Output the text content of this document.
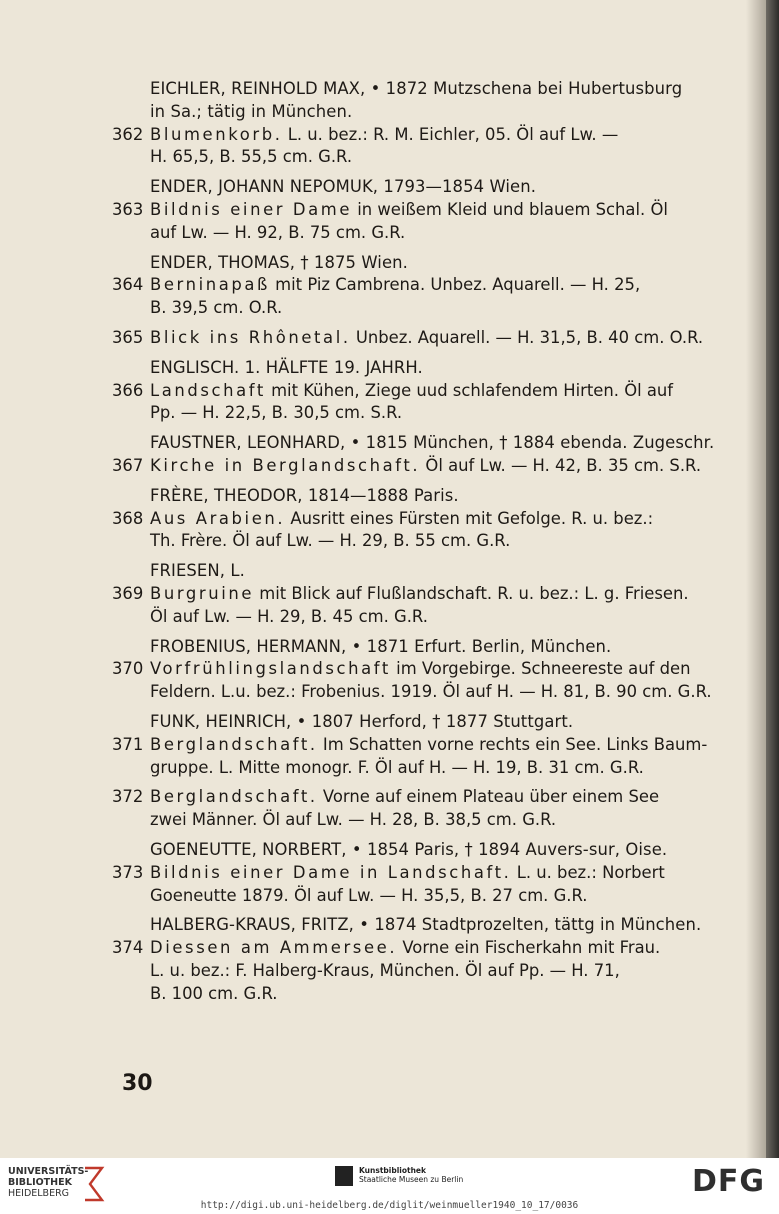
EICHLER, REINHOLD MAX, • 1872 Mutzschena bei Hubertusburg
in Sa.; tätig in München.
362 Blumenkorb. L. u. bez.: R. M. Eichler, 05. Öl auf Lw. —
H. 65,5, B. 55,5 cm. G.R.
ENDER, JOHANN NEPOMUK, 1793—1854 Wien.
363 Bildnis einer Dame in weißem Kleid und blauem Schal. Öl
auf Lw. — H. 92, B. 75 cm. G.R.
ENDER, THOMAS, † 1875 Wien.
364 Berninapaß mit Piz Cambrena. Unbez. Aquarell. — H. 25,
B. 39,5 cm. O.R.
365 Blick ins Rhônetal. Unbez. Aquarell. — H. 31,5, B. 40 cm. O.R.
ENGLISCH. 1. HÄLFTE 19. JAHRH.
366 Landschaft mit Kühen, Ziege uud schlafendem Hirten. Öl auf
Pp. — H. 22,5, B. 30,5 cm. S.R.
FAUSTNER, LEONHARD, • 1815 München, † 1884 ebenda. Zugeschr.
367 Kirche in Berglandschaft. Öl auf Lw. — H. 42, B. 35 cm. S.R.
FRÈRE, THEODOR, 1814—1888 Paris.
368 Aus Arabien. Ausritt eines Fürsten mit Gefolge. R. u. bez.:
Th. Frère. Öl auf Lw. — H. 29, B. 55 cm. G.R.
FRIESEN, L.
369 Burgruine mit Blick auf Flußlandschaft. R. u. bez.: L. g. Friesen.
Öl auf Lw. — H. 29, B. 45 cm. G.R.
FROBENIUS, HERMANN, • 1871 Erfurt. Berlin, München.
370 Vorfrühlingslandschaft im Vorgebirge. Schneereste auf den
Feldern. L.u. bez.: Frobenius. 1919. Öl auf H. — H. 81, B. 90 cm. G.R.
FUNK, HEINRICH, • 1807 Herford, † 1877 Stuttgart.
371 Berglandschaft. Im Schatten vorne rechts ein See. Links Baum-
gruppe. L. Mitte monogr. F. Öl auf H. — H. 19, B. 31 cm. G.R.
372 Berglandschaft. Vorne auf einem Plateau über einem See
zwei Männer. Öl auf Lw. — H. 28, B. 38,5 cm. G.R.
GOENEUTTE, NORBERT, • 1854 Paris, † 1894 Auvers-sur, Oise.
373 Bildnis einer Dame in Landschaft. L. u. bez.: Norbert
Goeneutte 1879. Öl auf Lw. — H. 35,5, B. 27 cm. G.R.
HALBERG-KRAUS, FRITZ, • 1874 Stadtprozelten, tättg in München.
374 Diessen am Ammersee. Vorne ein Fischerkahn mit Frau.
L. u. bez.: F. Halberg-Kraus, München. Öl auf Pp. — H. 71,
B. 100 cm. G.R.
30
UNIVERSITÄTS-
BIBLIOTHEK
HEIDELBERG
Kunstbibliothek
Staatliche Museen zu Berlin	DFG
http://digi.ub.uni-heidelberg.de/diglit/weinmueller1940_10_17/0036
